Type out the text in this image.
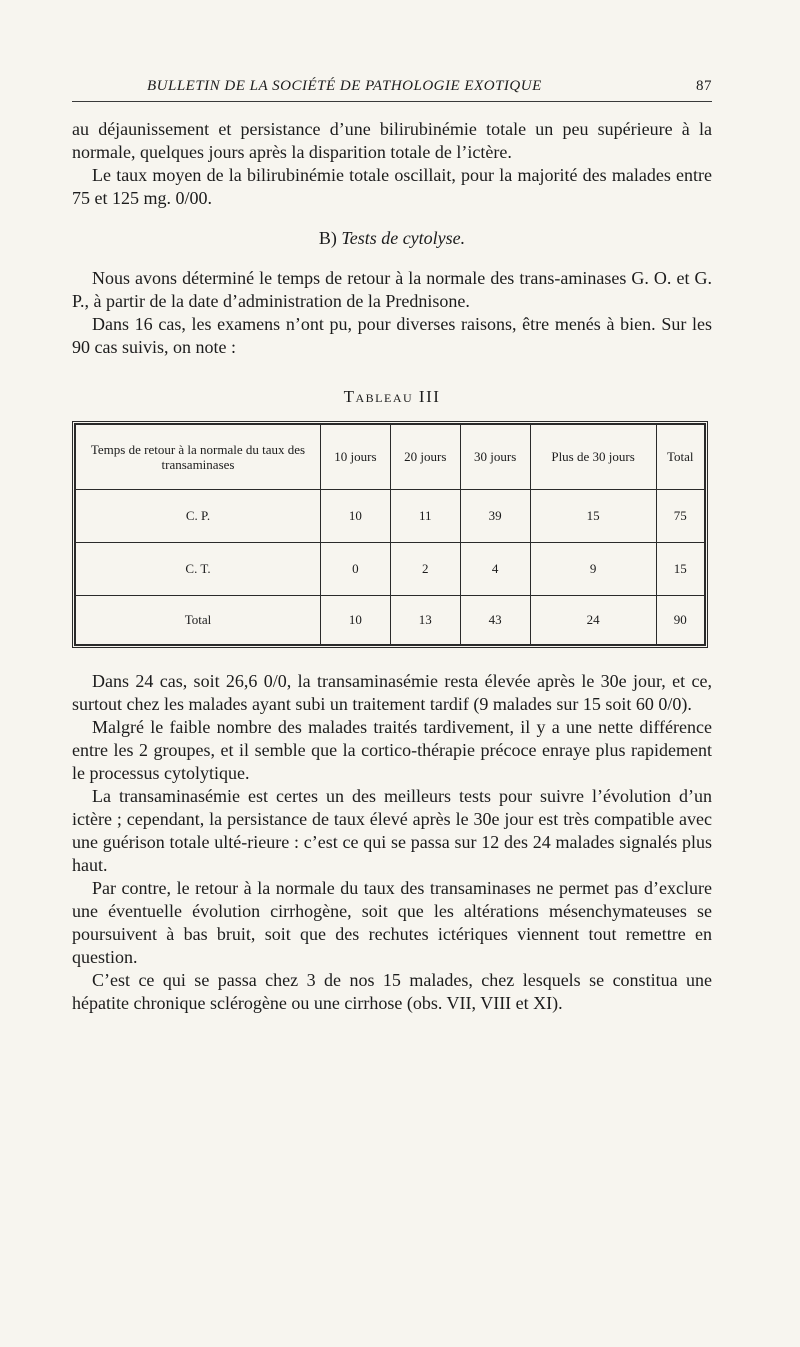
BULLETIN DE LA SOCIÉTÉ DE PATHOLOGIE EXOTIQUE	87

au déjaunissement et persistance d’une bilirubinémie totale un peu supérieure à la normale, quelques jours après la disparition totale de l’ictère.

Le taux moyen de la bilirubinémie totale oscillait, pour la majorité des malades entre 75 et 125 mg. 0/00.

B) Tests de cytolyse.

Nous avons déterminé le temps de retour à la normale des trans-aminases G. O. et G. P., à partir de la date d’administration de la Prednisone.

Dans 16 cas, les examens n’ont pu, pour diverses raisons, être menés à bien. Sur les 90 cas suivis, on note :

Tableau III
Temps de retour à la normale du taux des transaminases	10 jours	20 jours	30 jours	Plus de 30 jours	Total
C. P.	10	11	39	15	75
C. T.	0	2	4	9	15
Total	10	13	43	24	90

Dans 24 cas, soit 26,6 0/0, la transaminasémie resta élevée après le 30e jour, et ce, surtout chez les malades ayant subi un traitement tardif (9 malades sur 15 soit 60 0/0).

Malgré le faible nombre des malades traités tardivement, il y a une nette différence entre les 2 groupes, et il semble que la cortico-thérapie précoce enraye plus rapidement le processus cytolytique.

La transaminasémie est certes un des meilleurs tests pour suivre l’évolution d’un ictère ; cependant, la persistance de taux élevé après le 30e jour est très compatible avec une guérison totale ulté-rieure : c’est ce qui se passa sur 12 des 24 malades signalés plus haut.

Par contre, le retour à la normale du taux des transaminases ne permet pas d’exclure une éventuelle évolution cirrhogène, soit que les altérations mésenchymateuses se poursuivent à bas bruit, soit que des rechutes ictériques viennent tout remettre en question.

C’est ce qui se passa chez 3 de nos 15 malades, chez lesquels se constitua une hépatite chronique sclérogène ou une cirrhose (obs. VII, VIII et XI).
